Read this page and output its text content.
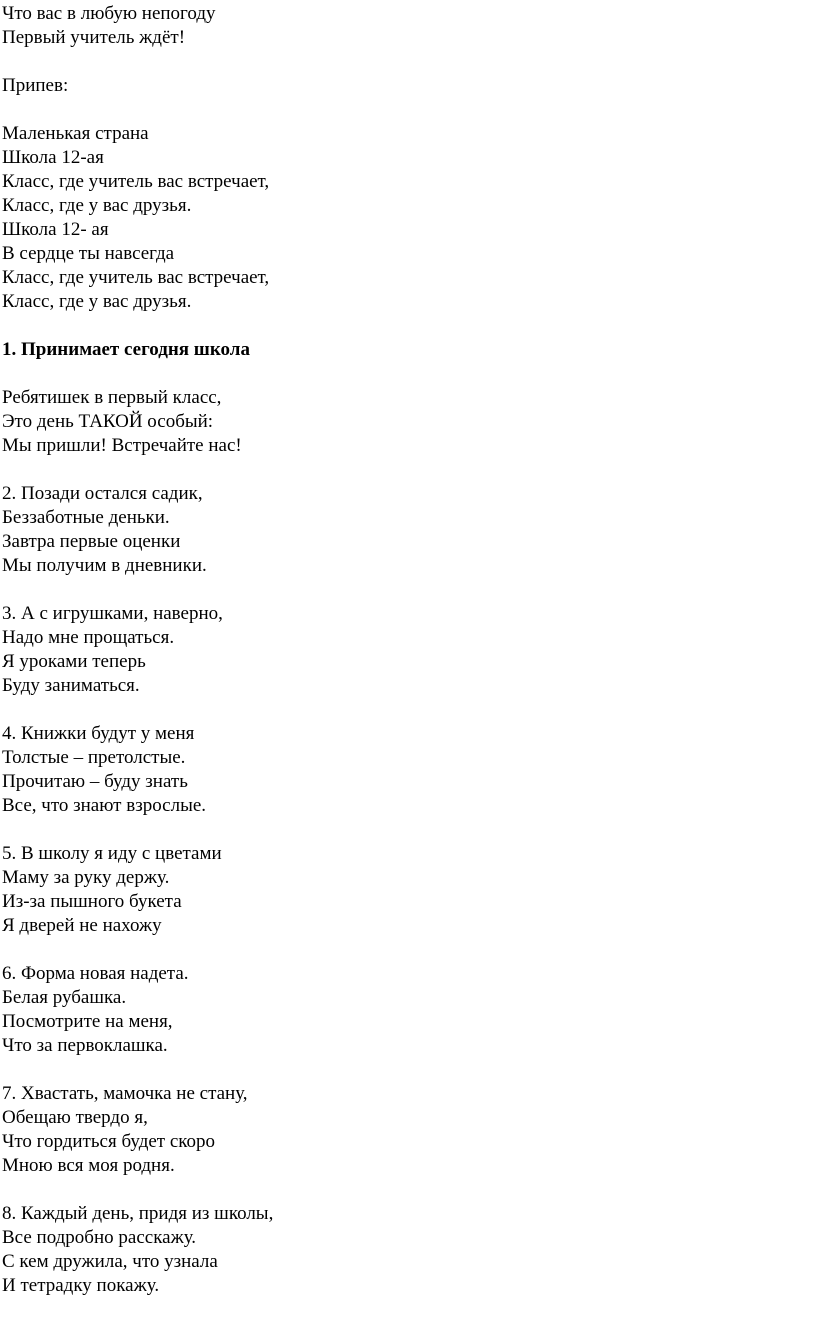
Что вас в любую непогоду
Первый учитель ждёт!
Припев:
Маленькая страна
Школа 12-ая
Класс, где учитель вас встречает,
Класс, где у вас друзья.
Школа 12- ая
В сердце ты навсегда
Класс, где учитель вас встречает,
Класс, где у вас друзья.
1. Принимает сегодня школа
Ребятишек в первый класс,
Это день ТАКОЙ особый:
Мы пришли! Встречайте нас!
2. Позади остался садик,
Беззаботные деньки.
Завтра первые оценки
Мы получим в дневники.
3. А с игрушками, наверно,
Надо мне прощаться.
Я уроками теперь
Буду заниматься.
4. Книжки будут у меня
Толстые – претолстые.
Прочитаю – буду знать
Все, что знают взрослые.
5. В школу я иду с цветами
Маму за руку держу.
Из-за пышного букета
Я дверей не нахожу
6. Форма новая надета.
Белая рубашка.
Посмотрите на меня,
Что за первоклашка.
7. Хвастать, мамочка не стану,
Обещаю твердо я,
Что гордиться будет скоро
Мною вся моя родня.
8. Каждый день, придя из школы,
Все подробно расскажу.
С кем дружила, что узнала
И тетрадку покажу.
